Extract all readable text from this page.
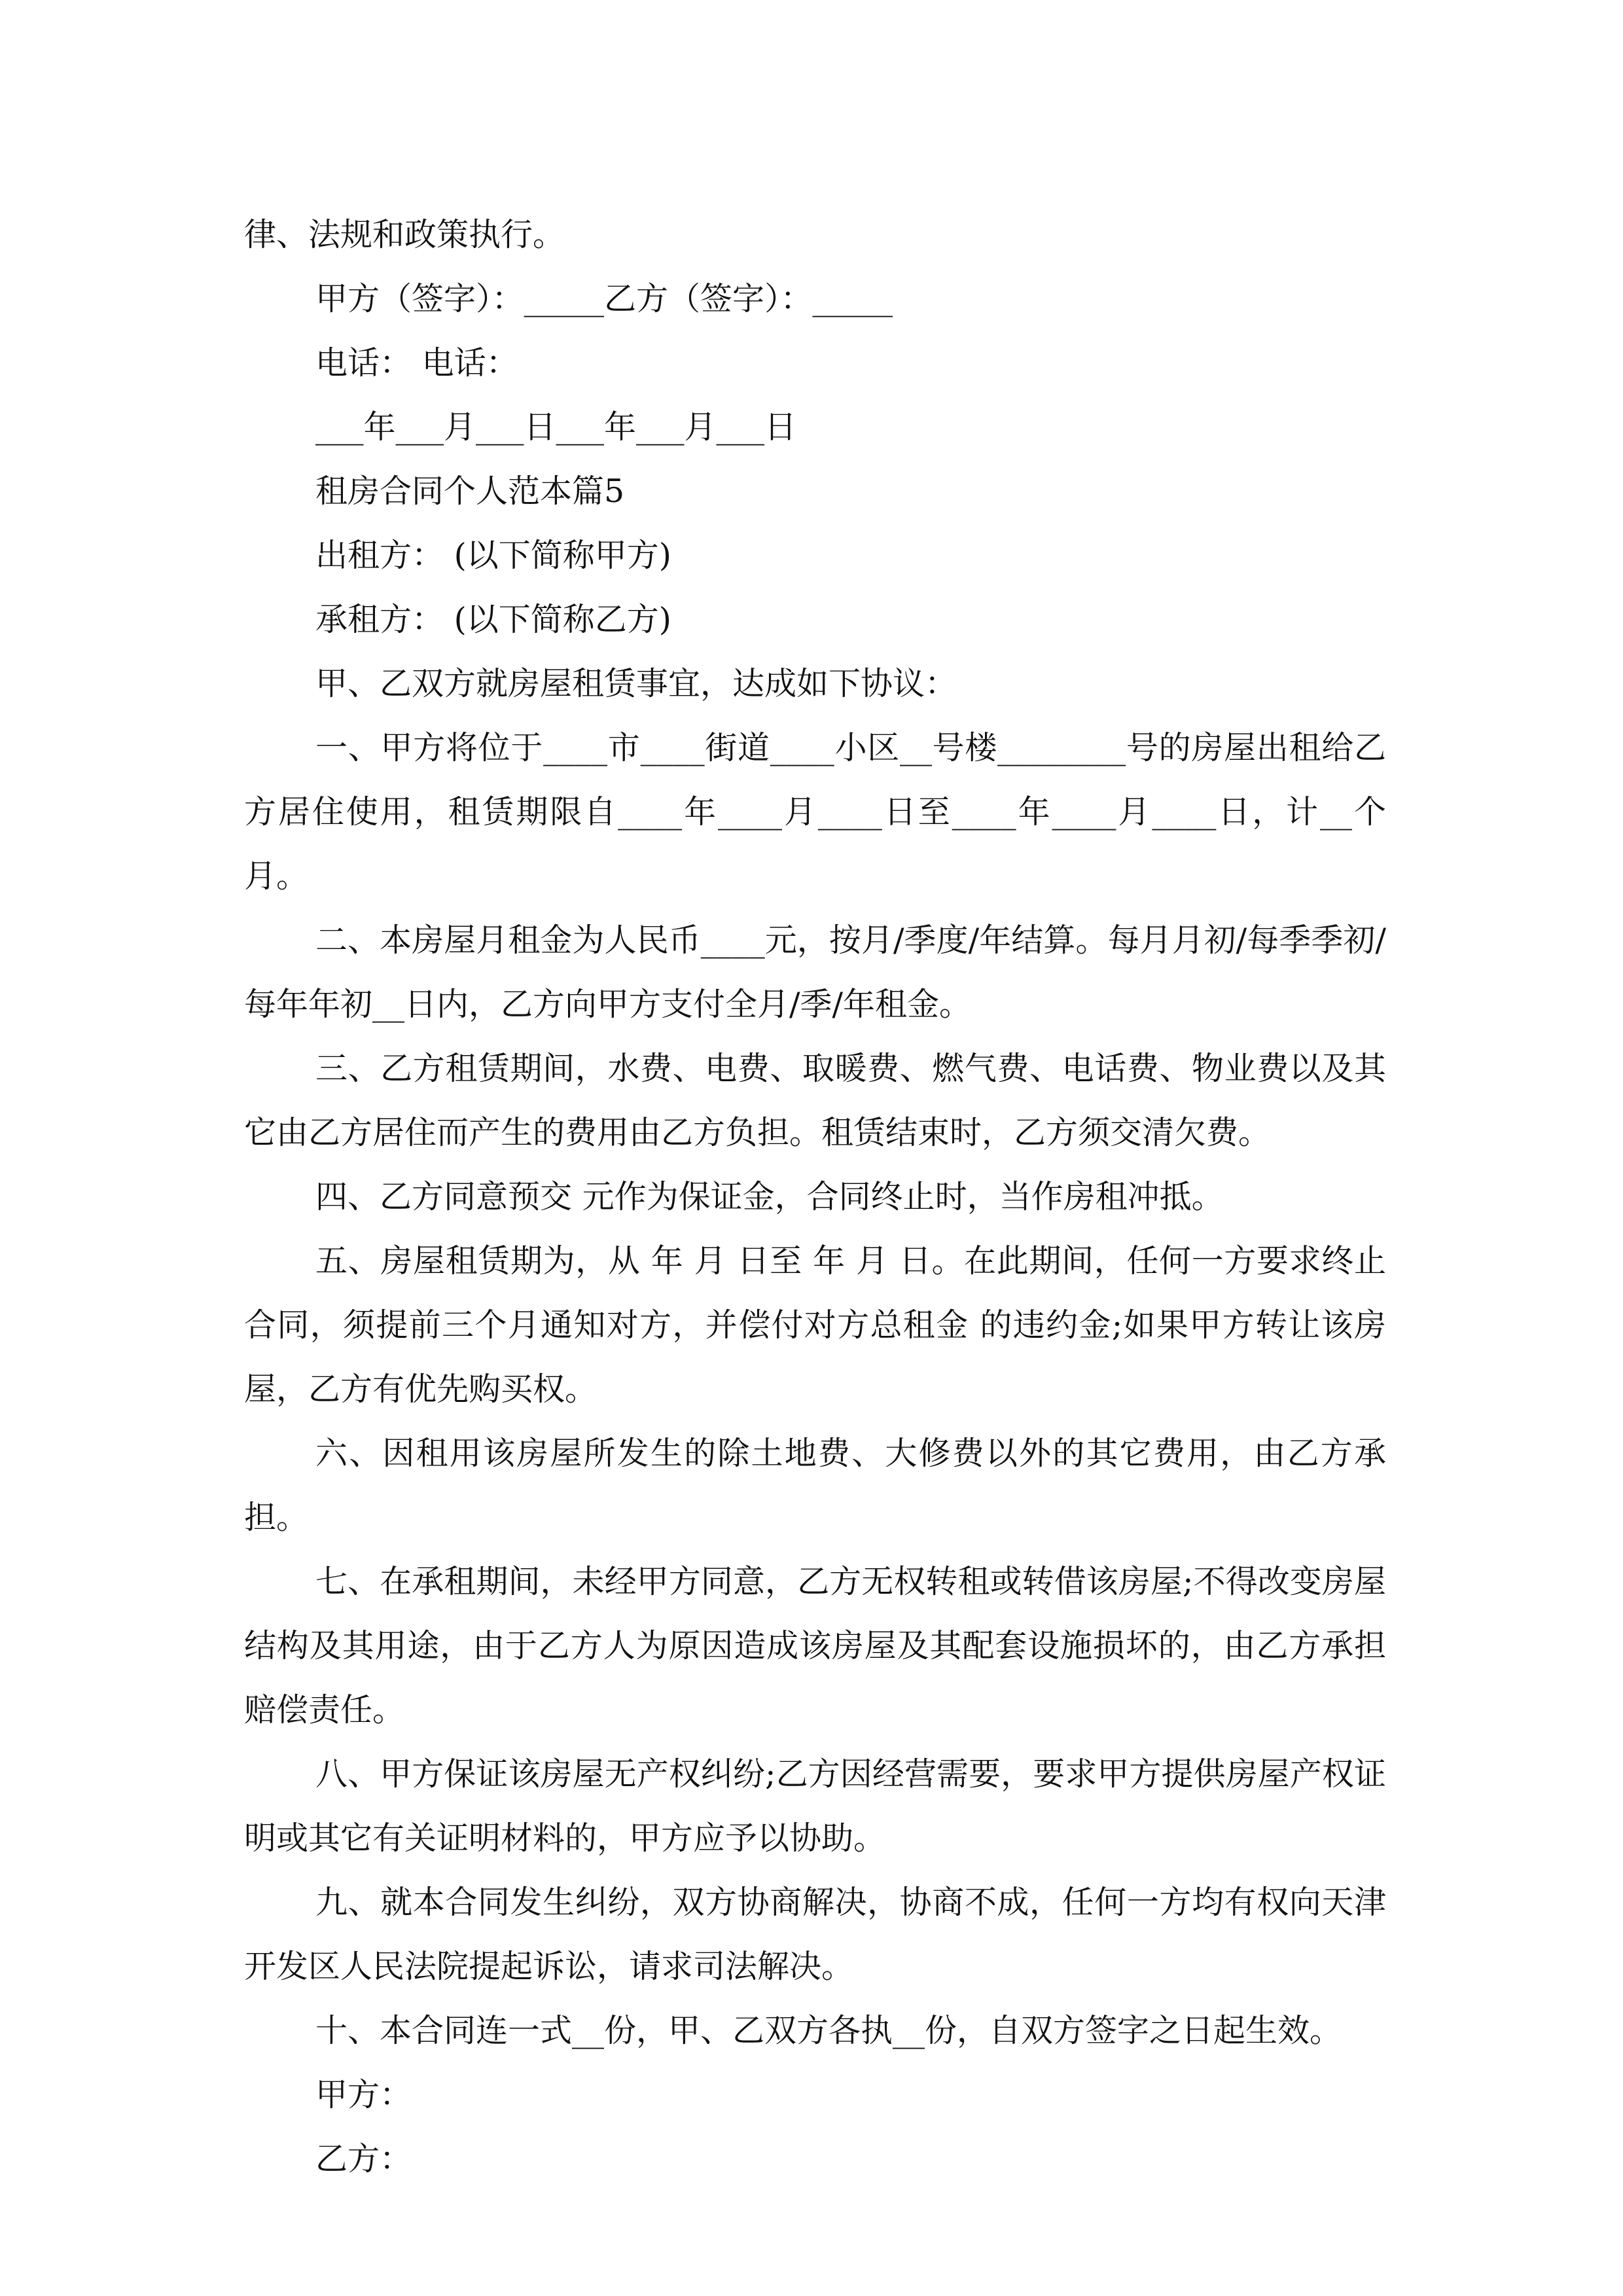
律、法规和政策执行。

甲方（签字）：_____乙方（签字）：_____

电话： 电话：

___年___月___日___年___月___日

租房合同个人范本篇5

出租方： (以下简称甲方)

承租方： (以下简称乙方)

甲、乙双方就房屋租赁事宜，达成如下协议：

一、甲方将位于____市____街道____小区__号楼________号的房屋出租给乙方居住使用，租赁期限自____年____月____日至____年____月____日，计__个月。

二、本房屋月租金为人民币____元，按月/季度/年结算。每月月初/每季季初/每年年初__日内，乙方向甲方支付全月/季/年租金。

三、乙方租赁期间，水费、电费、取暖费、燃气费、电话费、物业费以及其它由乙方居住而产生的费用由乙方负担。租赁结束时，乙方须交清欠费。

四、乙方同意预交 元作为保证金，合同终止时，当作房租冲抵。

五、房屋租赁期为，从 年 月 日至 年 月 日。在此期间，任何一方要求终止合同，须提前三个月通知对方，并偿付对方总租金 的违约金;如果甲方转让该房屋，乙方有优先购买权。

六、因租用该房屋所发生的除土地费、大修费以外的其它费用，由乙方承担。

七、在承租期间，未经甲方同意，乙方无权转租或转借该房屋;不得改变房屋结构及其用途，由于乙方人为原因造成该房屋及其配套设施损坏的，由乙方承担赔偿责任。

八、甲方保证该房屋无产权纠纷;乙方因经营需要，要求甲方提供房屋产权证明或其它有关证明材料的，甲方应予以协助。

九、就本合同发生纠纷，双方协商解决，协商不成，任何一方均有权向天津开发区人民法院提起诉讼，请求司法解决。

十、本合同连一式__份，甲、乙双方各执__份，自双方签字之日起生效。

甲方：

乙方：
